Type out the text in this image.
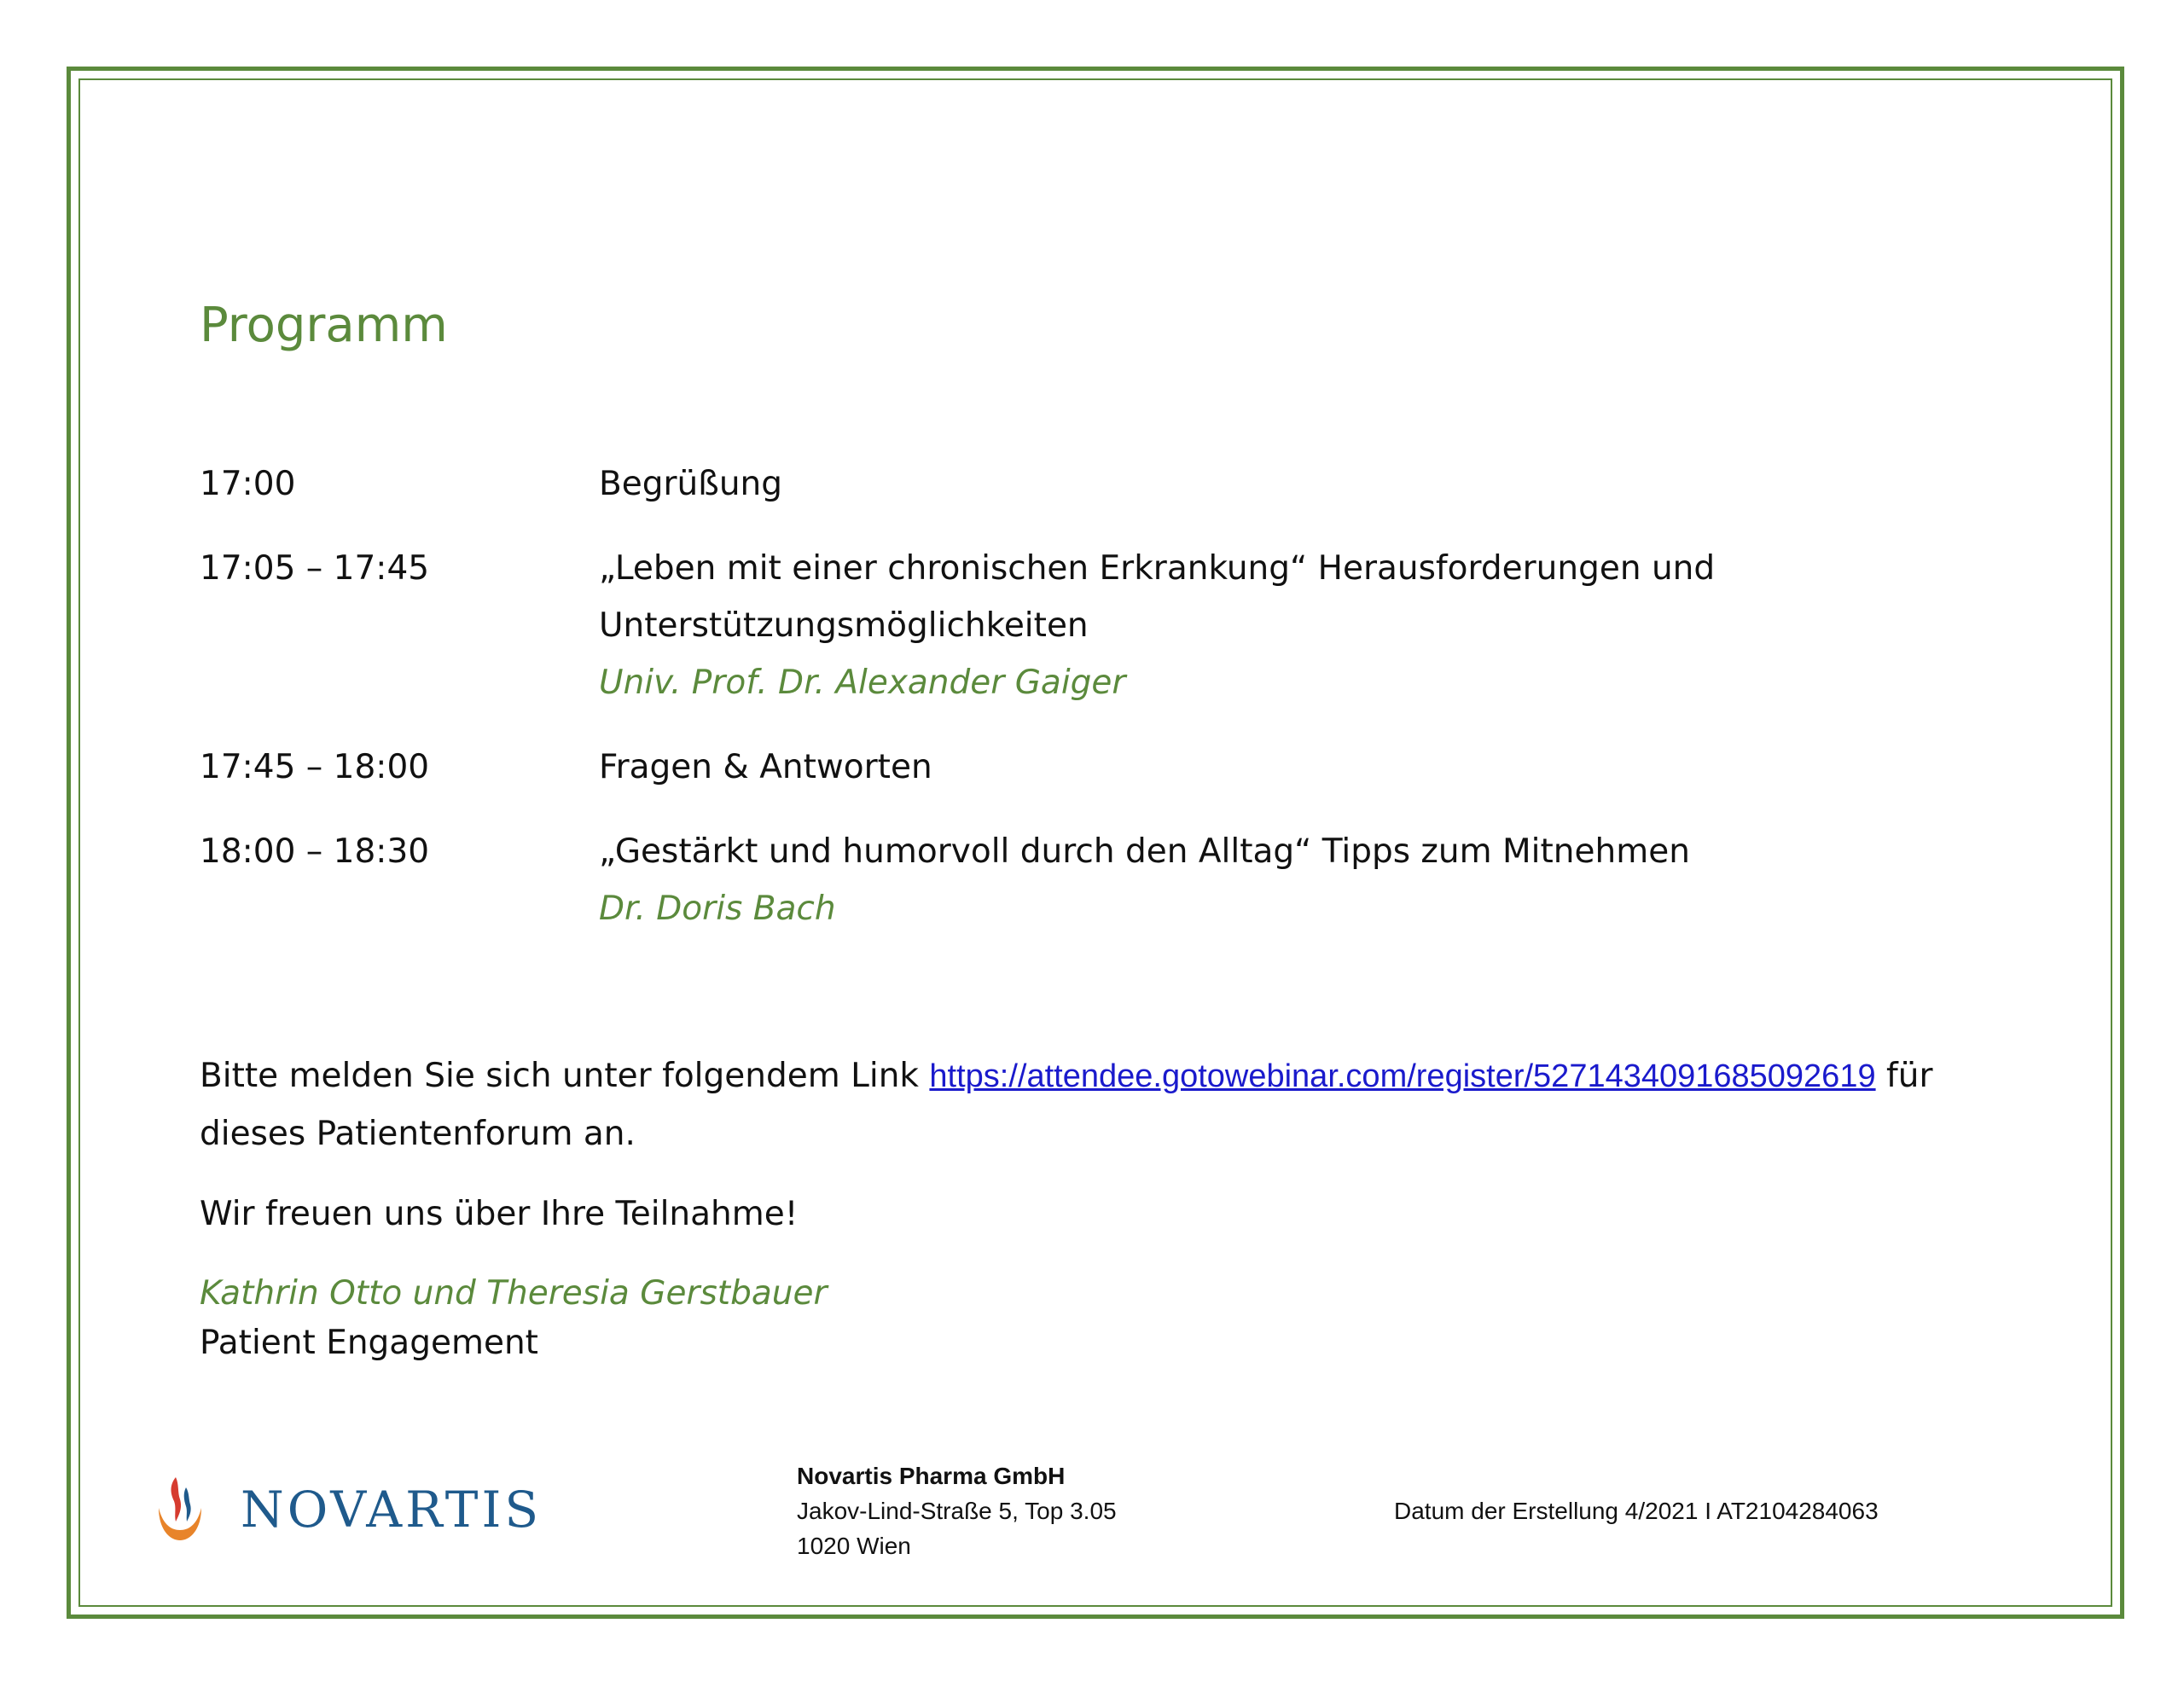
Programm
17:00	Begrüßung
17:05 – 17:45	„Leben mit einer chronischen Erkrankung“ Herausforderungen und
Unterstützungsmöglichkeiten
Univ. Prof. Dr. Alexander Gaiger
17:45 – 18:00	Fragen & Antworten
18:00 – 18:30	„Gestärkt und humorvoll durch den Alltag“ Tipps zum Mitnehmen
Dr. Doris Bach
Bitte melden Sie sich unter folgendem Link https://attendee.gotowebinar.com/register/5271434091685092619 für
dieses Patientenforum an.
Wir freuen uns über Ihre Teilnahme!
Kathrin Otto und Theresia Gerstbauer
Patient Engagement
NOVARTIS
Novartis Pharma GmbH
Jakov-Lind-Straße 5, Top 3.05
1020 Wien
Datum der Erstellung 4/2021 I AT2104284063
